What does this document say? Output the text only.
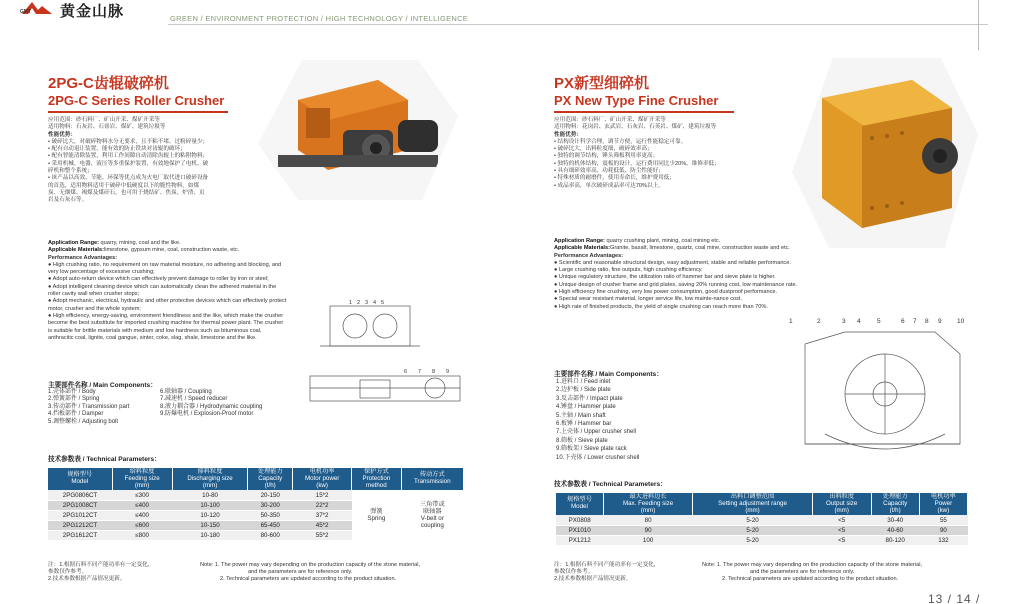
GMT 黄金山脉	GREEN / ENVIRONMENT PROTECTION / HIGH TECHNOLOGY / INTELLIGENCE
2PG-C齿辊破碎机
2PG-C Series Roller Crusher
应用范围：砂石料厂、矿山开采、煤矿开采等
适用物料：石灰岩、石膏岩、煤矿、建筑垃圾等
性能优势：
• 破碎比大，对破碎物料水分无要求，且不粘不堵、过粉碎量少；
• 配有自动退让装置，能有效的防止铁块对齿辊的破坏；
• 配有智能清除装置，利用工作间隙自动清除齿辊上的粘附物料；
• 采用机械、电器、液压等多重保护装置，有效地保护了电机、破
碎机和整个系统；
• 该产品以高效、节能、环保等优点成为火电厂取代进口破碎设备
的首选，适用物料适用于破碎中低硬度以下的脆性物料，如煤
炭、无烟煤、褐煤及煤矸石，也可用于烧结矿、焦炭、炉渣、页
岩及石灰石等。
Application Range: quarry, mining, coal and the like.
Applicable Materials:limestone, gypsum mine, coal, construction waste, etc.
Performance Advantages:
● High crushing ratio, no requirement on raw material moisture, no adhering and blocking, and very low percentage of excessive crushing;
● Adopt auto-return device which can effectively prevent damage to roller by iron or steel;
● Adopt intelligent cleaning device which can automatically clean the adhered material in the roller cavity wall when crusher stops;
● Adopt mechanic, electrical, hydraulic and other protective devices which can effectively protect motor, crusher and the whole system;
● High efficiency, energy-saving, environment friendliness and the like, which make the crusher become the best substitute for imported crushing machine for thermal power plant. The crusher is suitable for brittle materials with medium and low hardness such as bituminous coal, anthracitic coal, lignite, coal gangue, sinter, coke, slag, shale, limestone and the like.
1 2 3 4 5
6 7 8 9
主要部件名称 / Main Components：
1.壳体部件 / Body
2.弹簧部件 / Spring
3.传动部件 / Transmission part
4.挡板部件 / Damper
5.调整螺栓 / Adjusting bolt
6.联轴器 / Coupling
7.减速机 / Speed reducer
8.液力耦合器 / Hydrodynamic coupling
9.防爆电机 / Explosion-Proof motor
技术参数表 / Technical Parameters：
规格型号
Model	给料粒度
Feeding size
(mm)	排料粒度
Discharging size
(mm)	处理能力
Capacity
(t/h)	电机功率
Motor power
(kw)	保护方式
Protection
method	传动方式
Transmission
2PG0806CT	≤300	10-80	20-150	15*2	弹簧
Spring	三角带或
联轴器
V-belt or
coupling
2PG1008CT	≤400	10-100	30-200	22*2		
2PG1012CT	≤400	10-120	50-350	37*2		
2PG1212CT	≤600	10-150	65-450	45*2		
2PG1612CT	≤800	10-180	80-600	55*2		
注：1.根据石料不同产能功率有一定变化，
参数仅作参考。
2.技术参数根据产品情况更新。
Note: 1. The power may vary depending on the production capacity of the stone material,
and the parameters are for reference only.
2. Technical parameters are updated according to the product situation.
PX新型细碎机
PX New Type Fine Crusher
应用范围：砂石料厂、矿山开采、煤矿开采等
适用物料：花岗岩、玄武岩、石灰岩、石英岩、煤矿、建筑垃圾等
性能优势：
• 结构设计科学合理，调节方便，运行性能稳定可靠。
• 破碎比大，出料粒度细，破碎效率高；
• 独特的调节结构，锤头筛板利用率更高；
• 独特的机体结构，震板的设计，运行费用同比少20%，维修率低；
• 具有细碎效率高、功耗低低、防尘性能好；
• 特殊材质的耐磨件，使用寿命长，维护费用低；
• 成品率高，单次破碎成品率可达70%以上。
Application Range: quarry crushing plant, mining, coal mining etc.
Applicable Materials:Granite, basalt, limestone, quartz, coal mine, construction waste and etc.
Performance Advantages:
● Scientific and reasonable structural design, easy adjustment, stable and reliable performance.
● Large crushing ratio, fine outputs, high crushing efficiency.
● Unique regulatory structure, the utilization ratio of hammer bar and sieve plate is higher.
● Unique design of crusher frame and grid plates, saving 20% running cost, low maintenance rate.
● High efficiency fine crushing, very low power consumption, good dustproof performance.
● Special wear resistant material, longer service life, low mainte-nance cost.
● High rate of finished products, the yield of single crushing can reach more than 70%.
1	2	3 4	5	6 7 8 9 10
主要部件名称 / Main Components：
1.进料口 / Feed inlet
2.边护板 / Side plate
3.反击部件 / Impact plate
4.锤盘 / Hammer plate
5.主轴 / Main shaft
6.板锤 / Hammer bar
7.上壳体 / Upper crusher shell
8.筛板 / Sieve plate
9.筛板架 / Sieve plate rack
10.下壳体 / Lower crusher shell
技术参数表 / Technical Parameters：
规格型号
Model	最大进料边长
Max. Feeding size
(mm)	出料口调整范围
Setting adjustment range
(mm)	出料粒度
Output size
(mm)	处理能力
Capacity
(t/h)	电机功率
Power
(kw)
PX0808	80	5-20	<5	30-40	55
PX1010	90	5-20	<5	40-60	90
PX1212	100	5-20	<5	80-120	132
注：1.根据石料不同产能功率有一定变化，
参数仅作参考。
2.技术参数根据产品情况更新。
Note: 1. The power may vary depending on the production capacity of the stone material,
and the parameters are for reference only.
2. Technical parameters are updated according to the product situation.
13 / 14 /
